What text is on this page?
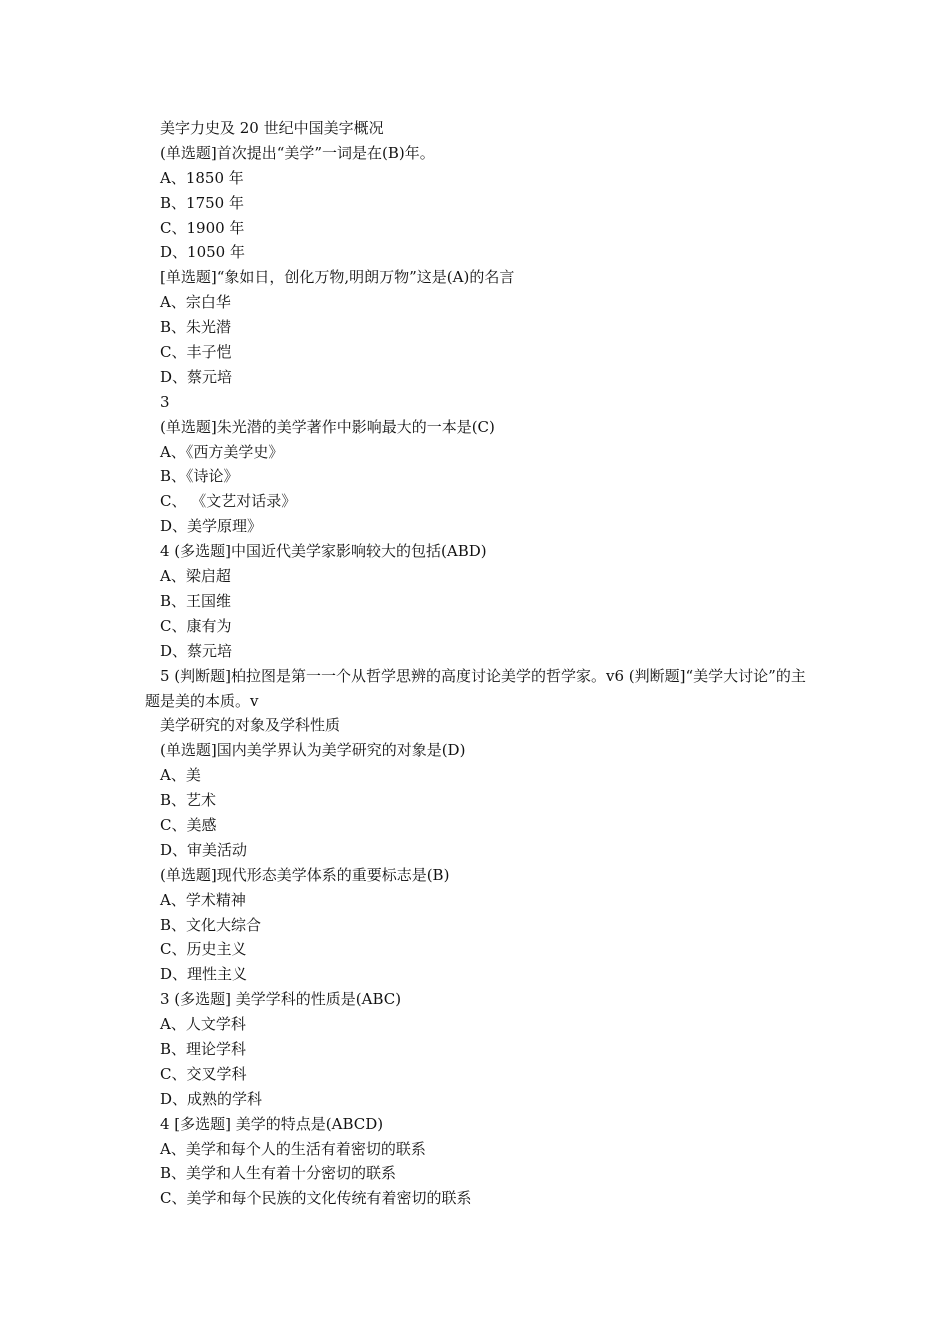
美字力史及 20 世纪中国美字概况
(单选题]首次提出“美学”一词是在(B)年。
A、1850 年
B、1750 年
C、1900 年
D、1050 年
[单选题]“象如日，创化万物,明朗万物”这是(A)的名言
A、宗白华
B、朱光潜
C、丰子恺
D、蔡元培
3
(单选题]朱光潜的美学著作中影响最大的一本是(C)
A、《西方美学史》
B、《诗论》
C、 《文艺对话录》
D、美学原理》
4 (多选题]中国近代美学家影响较大的包括(ABD)
A、梁启超
B、王国维
C、康有为
D、蔡元培
5 (判断题]柏拉图是第一一个从哲学思辨的高度讨论美学的哲学家。v6 (判断题]“美学大讨论”的主题是美的本质。v
美学研究的对象及学科性质
(单选题]国内美学界认为美学研究的对象是(D)
A、美
B、艺术
C、美感
D、审美活动
(单选题]现代形态美学体系的重要标志是(B)
A、学术精神
B、文化大综合
C、历史主义
D、理性主义
3 (多选题] 美学学科的性质是(ABC)
A、人文学科
B、理论学科
C、交叉学科
D、成熟的学科
4 [多选题] 美学的特点是(ABCD)
A、美学和每个人的生活有着密切的联系
B、美学和人生有着十分密切的联系
C、美学和每个民族的文化传统有着密切的联系
